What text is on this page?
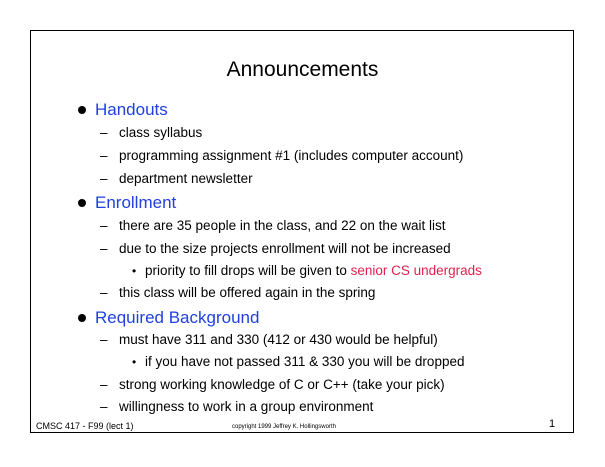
Announcements
Handouts
– class syllabus
– programming assignment #1 (includes computer account)
– department newsletter
Enrollment
– there are 35 people in the class, and 22 on the wait list
– due to the size projects enrollment will not be increased
• priority to fill drops will be given to senior CS undergrads
– this class will be offered again in the spring
Required Background
– must have 311 and 330 (412 or 430 would be helpful)
• if you have not passed 311 & 330 you will be dropped
– strong working knowledge of C or C++ (take your pick)
– willingness to work in a group environment
CMSC 417 - F99 (lect 1)	copyright 1999 Jeffrey K. Hollingsworth	1
